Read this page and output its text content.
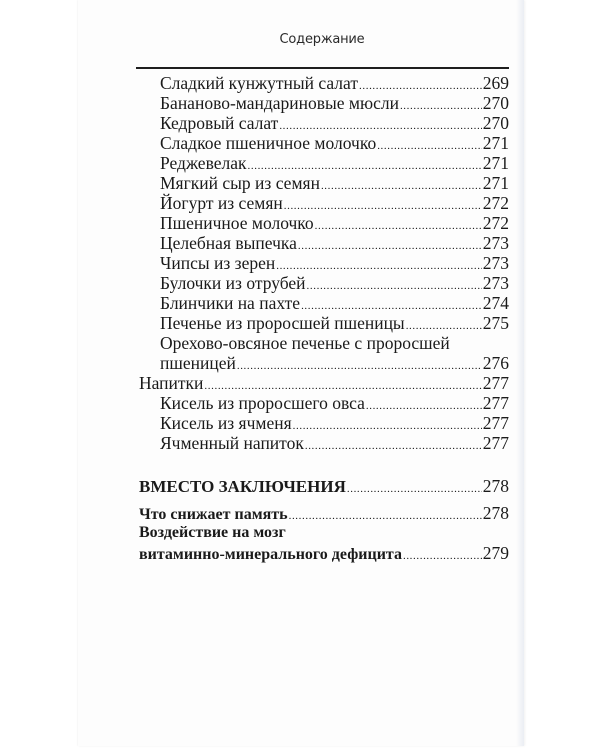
Содержание
Сладкий кунжутный салат .....	269
Бананово-мандариновые мюсли .....	270
Кедровый салат .....	270
Сладкое пшеничное молочко .....	271
Реджевелак .....	271
Мягкий сыр из семян .....	271
Йогурт из семян .....	272
Пшеничное молочко .....	272
Целебная выпечка .....	273
Чипсы из зерен .....	273
Булочки из отрубей .....	273
Блинчики на пахте .....	274
Печенье из проросшей пшеницы .....	275
Орехово-овсяное печенье с проросшей
пшеницей .....	276
Напитки .....	277
Кисель из проросшего овса .....	277
Кисель из ячменя .....	277
Ячменный напиток .....	277
ВМЕСТО ЗАКЛЮЧЕНИЯ .....	278
Что снижает память .....	278
Воздействие на мозг
витаминно-минерального дефицита .....	279
